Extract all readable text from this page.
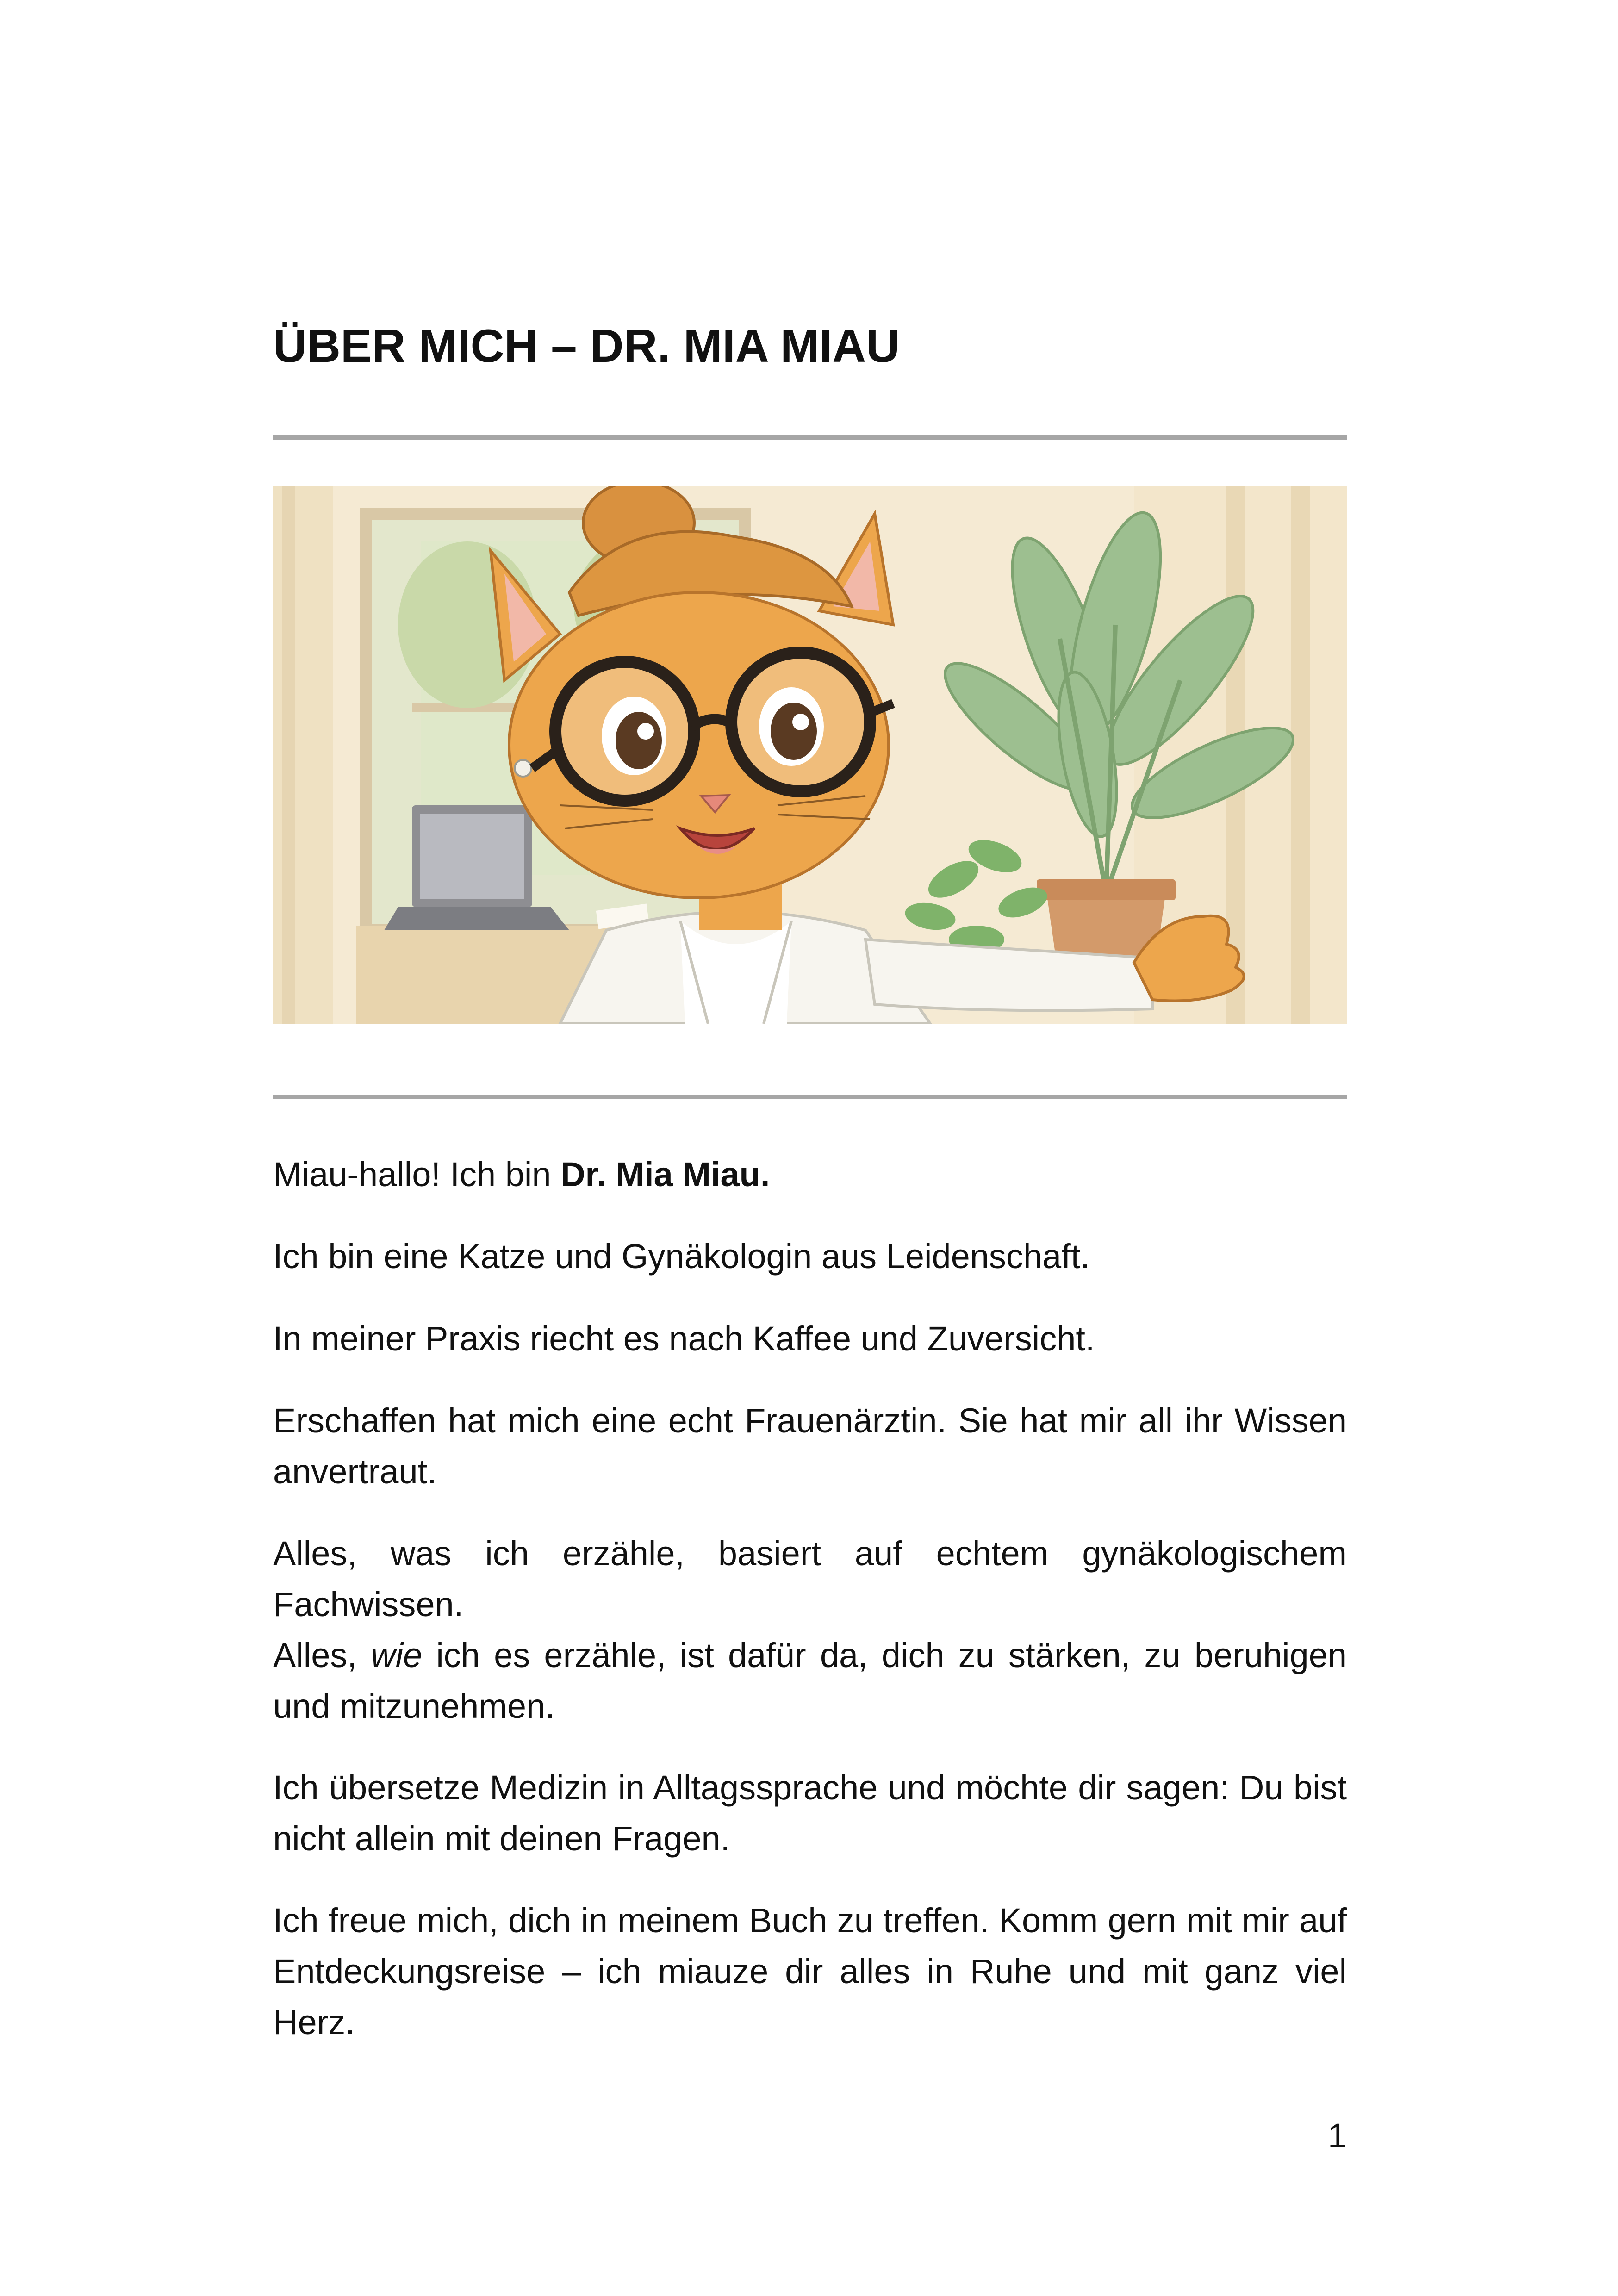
ÜBER MICH – DR. MIA MIAU

Miau-hallo! Ich bin Dr. Mia Miau.

Ich bin eine Katze und Gynäkologin aus Leidenschaft.

In meiner Praxis riecht es nach Kaffee und Zuversicht.

Erschaffen hat mich eine echt Frauenärztin. Sie hat mir all ihr Wissen anvertraut.

Alles, was ich erzähle, basiert auf echtem gynäkologischem Fachwissen.
Alles, wie ich es erzähle, ist dafür da, dich zu stärken, zu beruhigen und mitzunehmen.

Ich übersetze Medizin in Alltagssprache und möchte dir sagen: Du bist nicht allein mit deinen Fragen.

Ich freue mich, dich in meinem Buch zu treffen. Komm gern mit mir auf Entdeckungsreise – ich miauze dir alles in Ruhe und mit ganz viel Herz.

1
